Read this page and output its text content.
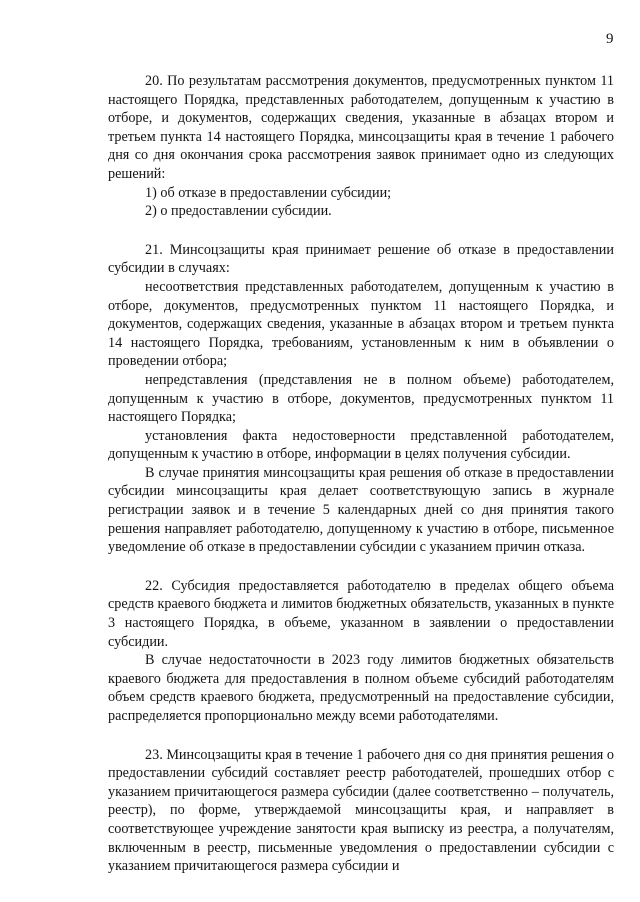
9

20. По результатам рассмотрения документов, предусмотренных пунктом 11 настоящего Порядка, представленных работодателем, допущенным к участию в отборе, и документов, содержащих сведения, указанные в абзацах втором и третьем пункта 14 настоящего Порядка, минсоцзащиты края в течение 1 рабочего дня со дня окончания срока рассмотрения заявок принимает одно из следующих решений:

1) об отказе в предоставлении субсидии;

2) о предоставлении субсидии.

21. Минсоцзащиты края принимает решение об отказе в предоставлении субсидии в случаях:

несоответствия представленных работодателем, допущенным к участию в отборе, документов, предусмотренных пунктом 11 настоящего Порядка, и документов, содержащих сведения, указанные в абзацах втором и третьем пункта 14 настоящего Порядка, требованиям, установленным к ним в объявлении о проведении отбора;

непредставления (представления не в полном объеме) работодателем, допущенным к участию в отборе, документов, предусмотренных пунктом 11 настоящего Порядка;

установления факта недостоверности представленной работодателем, допущенным к участию в отборе, информации в целях получения субсидии.

В случае принятия минсоцзащиты края решения об отказе в предоставлении субсидии минсоцзащиты края делает соответствующую запись в журнале регистрации заявок и в течение 5 календарных дней со дня принятия такого решения направляет работодателю, допущенному к участию в отборе, письменное уведомление об отказе в предоставлении субсидии с указанием причин отказа.

22. Субсидия предоставляется работодателю в пределах общего объема средств краевого бюджета и лимитов бюджетных обязательств, указанных в пункте 3 настоящего Порядка, в объеме, указанном в заявлении о предоставлении субсидии.

В случае недостаточности в 2023 году лимитов бюджетных обязательств краевого бюджета для предоставления в полном объеме субсидий работодателям объем средств краевого бюджета, предусмотренный на предоставление субсидии, распределяется пропорционально между всеми работодателями.

23. Минсоцзащиты края в течение 1 рабочего дня со дня принятия решения о предоставлении субсидий составляет реестр работодателей, прошедших отбор с указанием причитающегося размера субсидии (далее соответственно – получатель, реестр), по форме, утверждаемой минсоцзащиты края, и направляет в соответствующее учреждение занятости края выписку из реестра, а получателям, включенным в реестр, письменные уведомления о предоставлении субсидии с указанием причитающегося размера субсидии и
